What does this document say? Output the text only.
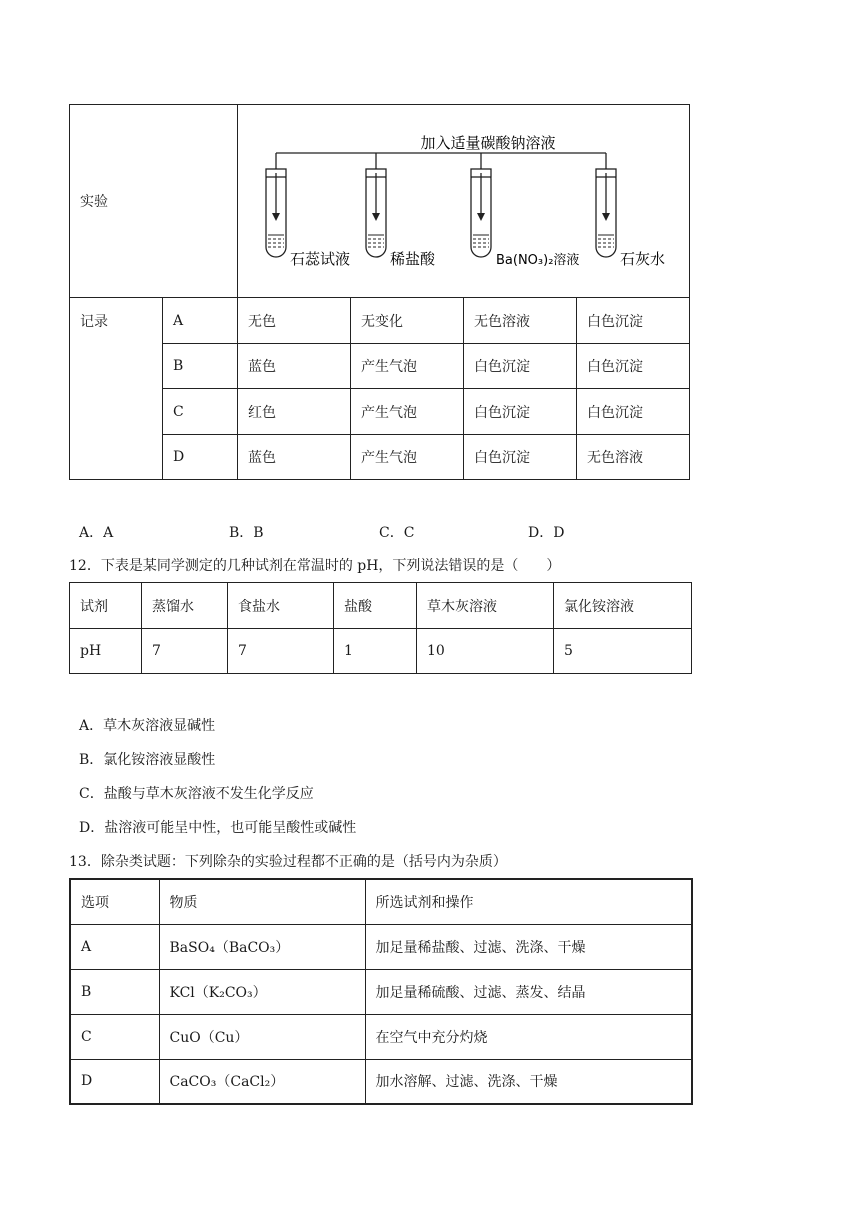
实验		加入适量碳酸钠溶液
石蕊试液 稀盐酸 Ba(NO₃)₂溶液 石灰水			

记录	A	无色	无变化	无色溶液	白色沉淀
	B	蓝色	产生气泡	白色沉淀	白色沉淀
	C	红色	产生气泡	白色沉淀	白色沉淀
	D	蓝色	产生气泡	白色沉淀	无色溶液
A．A	B．B	C．C	D．D
12．下表是某同学测定的几种试剂在常温时的 pH，下列说法错误的是（　　）
试剂	蒸馏水	食盐水	盐酸	草木灰溶液	氯化铵溶液
pH	7	7	1	10	5
A．草木灰溶液显碱性
B．氯化铵溶液显酸性
C．盐酸与草木灰溶液不发生化学反应
D．盐溶液可能呈中性，也可能呈酸性或碱性
13．除杂类试题：下列除杂的实验过程都不正确的是（括号内为杂质）
选项	物质	所选试剂和操作
A	BaSO₄（BaCO₃）	加足量稀盐酸、过滤、洗涤、干燥
B	KCl（K₂CO₃）	加足量稀硫酸、过滤、蒸发、结晶
C	CuO（Cu）	在空气中充分灼烧
D	CaCO₃（CaCl₂）	加水溶解、过滤、洗涤、干燥
